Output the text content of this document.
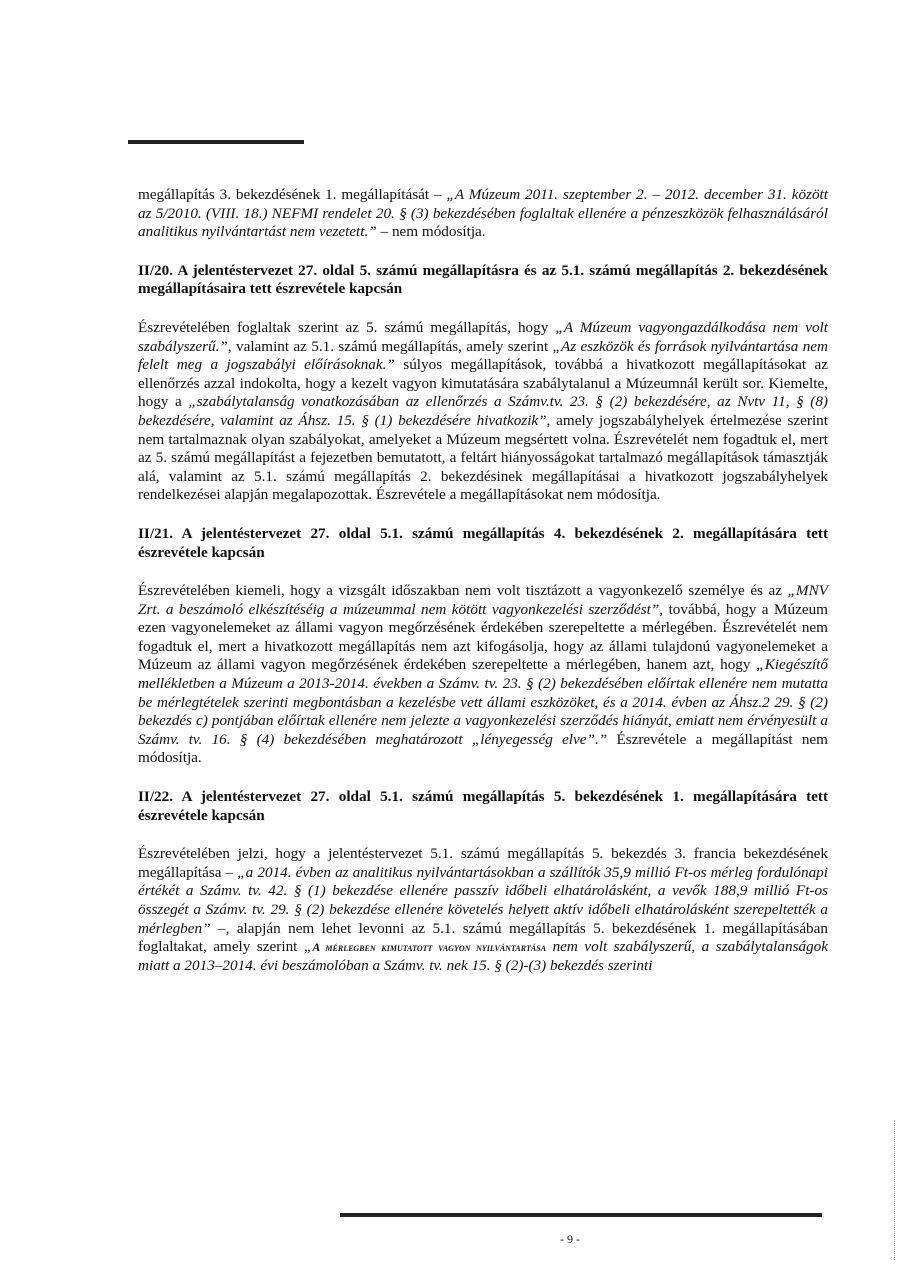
megállapítás 3. bekezdésének 1. megállapítását – „A Múzeum 2011. szeptember 2. – 2012. december 31. között az 5/2010. (VIII. 18.) NEFMI rendelet 20. § (3) bekezdésében foglaltak ellenére a pénzeszközök felhasználásáról analitikus nyilvántartást nem vezetett.” – nem módosítja.

II/20. A jelentéstervezet 27. oldal 5. számú megállapításra és az 5.1. számú megállapítás 2. bekezdésének megállapításaira tett észrevétele kapcsán

Észrevételében foglaltak szerint az 5. számú megállapítás, hogy „A Múzeum vagyongazdálkodása nem volt szabályszerű.”, valamint az 5.1. számú megállapítás, amely szerint „Az eszközök és források nyilvántartása nem felelt meg a jogszabályi előírásoknak.” súlyos megállapítások, továbbá a hivatkozott megállapításokat az ellenőrzés azzal indokolta, hogy a kezelt vagyon kimutatására szabálytalanul a Múzeumnál került sor. Kiemelte, hogy a „szabálytalanság vonatkozásában az ellenőrzés a Számv.tv. 23. § (2) bekezdésére, az Nvtv 11, § (8) bekezdésére, valamint az Áhsz. 15. § (1) bekezdésére hivatkozik”, amely jogszabályhelyek értelmezése szerint nem tartalmaznak olyan szabályokat, amelyeket a Múzeum megsértett volna. Észrevételét nem fogadtuk el, mert az 5. számú megállapítást a fejezetben bemutatott, a feltárt hiányosságokat tartalmazó megállapítások támasztják alá, valamint az 5.1. számú megállapítás 2. bekezdésinek megállapításai a hivatkozott jogszabályhelyek rendelkezései alapján megalapozottak. Észrevétele a megállapításokat nem módosítja.

II/21. A jelentéstervezet 27. oldal 5.1. számú megállapítás 4. bekezdésének 2. megállapítására tett észrevétele kapcsán

Észrevételében kiemeli, hogy a vizsgált időszakban nem volt tisztázott a vagyonkezelő személye és az „MNV Zrt. a beszámoló elkészítéséig a múzeummal nem kötött vagyonkezelési szerződést”, továbbá, hogy a Múzeum ezen vagyonelemeket az állami vagyon megőrzésének érdekében szerepeltette a mérlegében. Észrevételét nem fogadtuk el, mert a hivatkozott megállapítás nem azt kifogásolja, hogy az állami tulajdonú vagyonelemeket a Múzeum az állami vagyon megőrzésének érdekében szerepeltette a mérlegében, hanem azt, hogy „Kiegészítő mellékletben a Múzeum a 2013-2014. években a Számv. tv. 23. § (2) bekezdésében előírtak ellenére nem mutatta be mérlegtételek szerinti megbontásban a kezelésbe vett állami eszközöket, és a 2014. évben az Áhsz.2 29. § (2) bekezdés c) pontjában előírtak ellenére nem jelezte a vagyonkezelési szerződés hiányát, emiatt nem érvényesült a Számv. tv. 16. § (4) bekezdésében meghatározott „lényegesség elve”.” Észrevétele a megállapítást nem módosítja.

II/22. A jelentéstervezet 27. oldal 5.1. számú megállapítás 5. bekezdésének 1. megállapítására tett észrevétele kapcsán

Észrevételében jelzi, hogy a jelentéstervezet 5.1. számú megállapítás 5. bekezdés 3. francia bekezdésének megállapítása – „a 2014. évben az analitikus nyilvántartásokban a szállítók 35,9 millió Ft-os mérleg fordulónapi értékét a Számv. tv. 42. § (1) bekezdése ellenére passzív időbeli elhatárolásként, a vevők 188,9 millió Ft-os összegét a Számv. tv. 29. § (2) bekezdése ellenére követelés helyett aktív időbeli elhatárolásként szerepeltették a mérlegben” –, alapján nem lehet levonni az 5.1. számú megállapítás 5. bekezdésének 1. megállapításában foglaltakat, amely szerint „A mérlegben kimutatott vagyon nyilvántartása nem volt szabályszerű, a szabálytalanságok miatt a 2013–2014. évi beszámolóban a Számv. tv. nek 15. § (2)-(3) bekezdés szerinti

- 9 -
